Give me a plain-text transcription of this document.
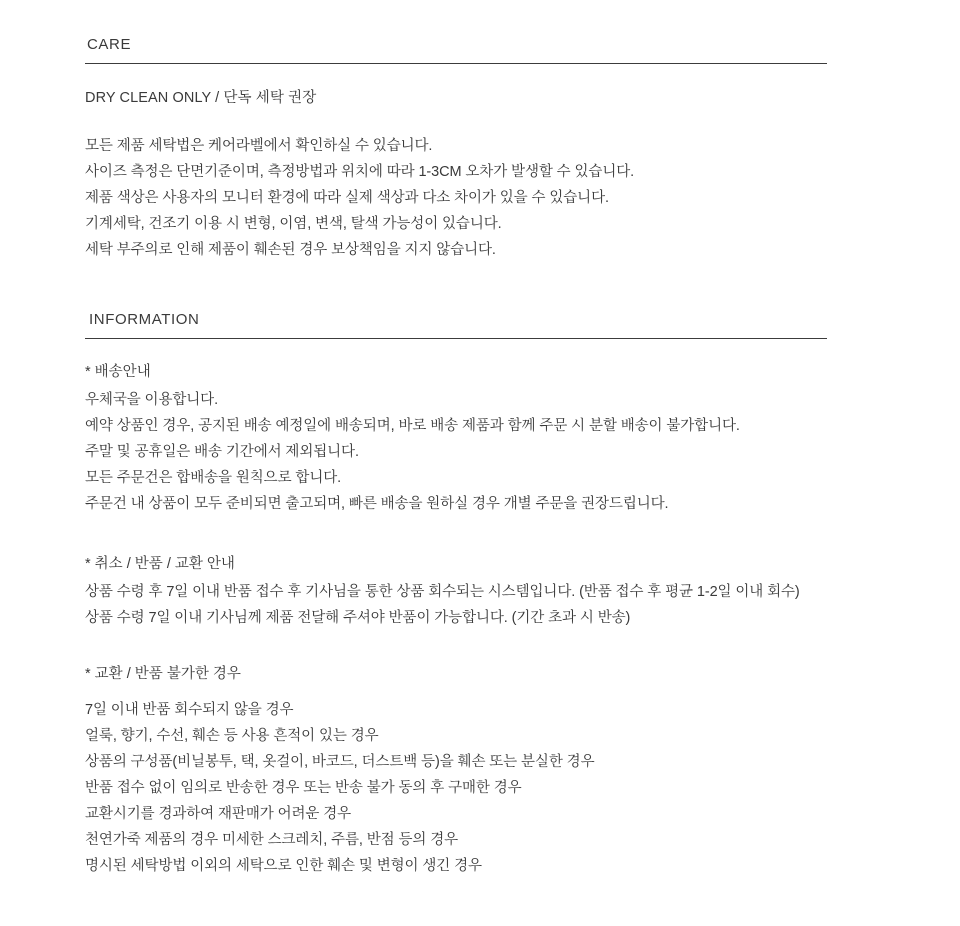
CARE
DRY CLEAN ONLY / 단독 세탁 권장
모든 제품 세탁법은 케어라벨에서 확인하실 수 있습니다.
사이즈 측정은 단면기준이며, 측정방법과 위치에 따라 1-3CM 오차가 발생할 수 있습니다.
제품 색상은 사용자의 모니터 환경에 따라 실제 색상과 다소 차이가 있을 수 있습니다.
기계세탁, 건조기 이용 시 변형, 이염, 변색, 탈색 가능성이 있습니다.
세탁 부주의로 인해 제품이 훼손된 경우 보상책임을 지지 않습니다.
INFORMATION
* 배송안내
우체국을 이용합니다.
예약 상품인 경우, 공지된 배송 예정일에 배송되며, 바로 배송 제품과 함께 주문 시 분할 배송이 불가합니다.
주말 및 공휴일은 배송 기간에서 제외됩니다.
모든 주문건은 합배송을 원칙으로 합니다.
주문건 내 상품이 모두 준비되면 출고되며, 빠른 배송을 원하실 경우 개별 주문을 권장드립니다.
* 취소 / 반품 / 교환 안내
상품 수령 후 7일 이내 반품 접수 후 기사님을 통한 상품 회수되는 시스템입니다. (반품 접수 후 평균 1-2일 이내 회수)
상품 수령 7일 이내 기사님께 제품 전달해 주셔야 반품이 가능합니다. (기간 초과 시 반송)
* 교환 / 반품 불가한 경우
7일 이내 반품 회수되지 않을 경우
얼룩, 향기, 수선, 훼손 등 사용 흔적이 있는 경우
상품의 구성품(비닐봉투, 택, 옷걸이, 바코드, 더스트백 등)을 훼손 또는 분실한 경우
반품 접수 없이 임의로 반송한 경우 또는 반송 불가 동의 후 구매한 경우
교환시기를 경과하여 재판매가 어려운 경우
천연가죽 제품의 경우 미세한 스크레치, 주름, 반점 등의 경우
명시된 세탁방법 이외의 세탁으로 인한 훼손 및 변형이 생긴 경우
